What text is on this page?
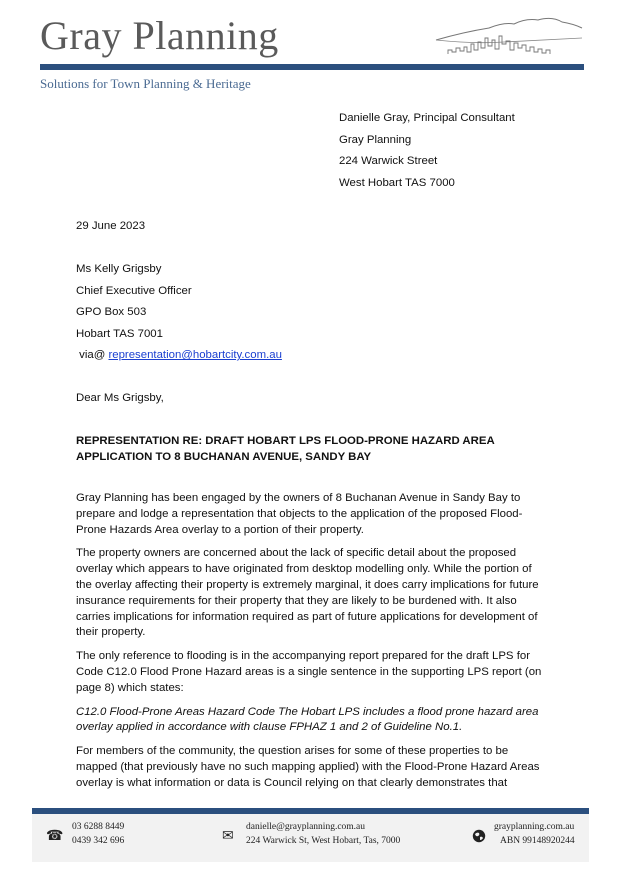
Gray Planning
Solutions for Town Planning & Heritage
Danielle Gray, Principal Consultant
Gray Planning
224 Warwick Street
West Hobart TAS 7000
29 June 2023
Ms Kelly Grigsby
Chief Executive Officer
GPO Box 503
Hobart TAS 7001
via@ representation@hobartcity.com.au
Dear Ms Grigsby,
REPRESENTATION RE: DRAFT HOBART LPS FLOOD-PRONE HAZARD AREA APPLICATION TO 8 BUCHANAN AVENUE, SANDY BAY

Gray Planning has been engaged by the owners of 8 Buchanan Avenue in Sandy Bay to prepare and lodge a representation that objects to the application of the proposed Flood-Prone Hazards Area overlay to a portion of their property.

The property owners are concerned about the lack of specific detail about the proposed overlay which appears to have originated from desktop modelling only. While the portion of the overlay affecting their property is extremely marginal, it does carry implications for future insurance requirements for their property that they are likely to be burdened with. It also carries implications for information required as part of future applications for development of their property.

The only reference to flooding is in the accompanying report prepared for the draft LPS for Code C12.0 Flood Prone Hazard areas is a single sentence in the supporting LPS report (on page 8) which states:

C12.0 Flood-Prone Areas Hazard Code The Hobart LPS includes a flood prone hazard area overlay applied in accordance with clause FPHAZ 1 and 2 of Guideline No.1.

For members of the community, the question arises for some of these properties to be mapped (that previously have no such mapping applied) with the Flood-Prone Hazard Areas overlay is what information or data is Council relying on that clearly demonstrates that

☎ 03 6288 8449
0439 342 696	✉ danielle@grayplanning.com.au
224 Warwick St, West Hobart, Tas, 7000
grayplanning.com.au
ABN 99148920244
